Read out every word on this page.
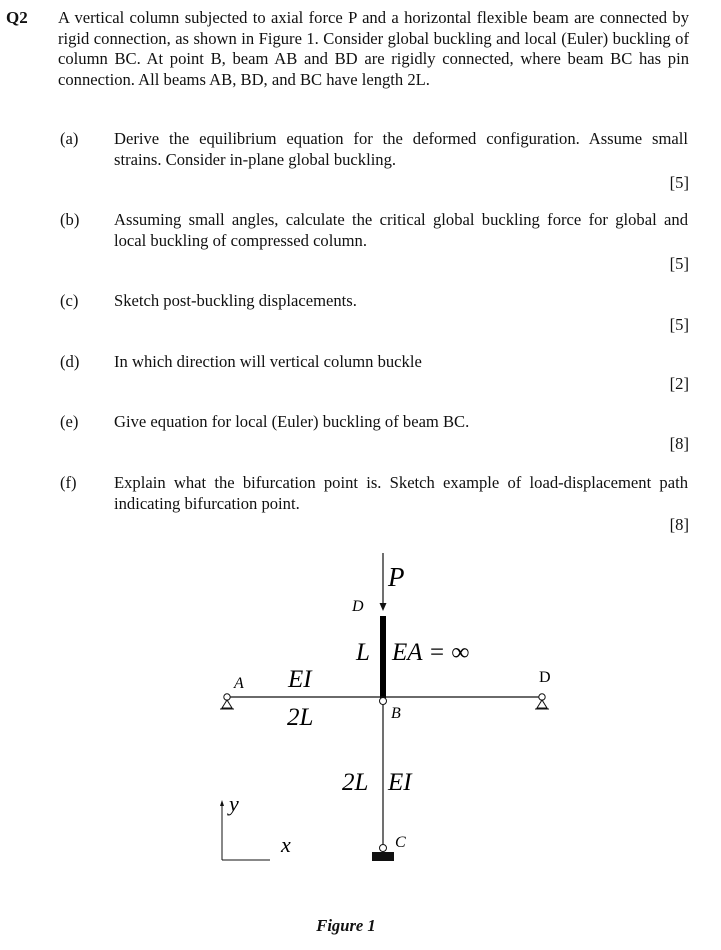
Q2 A vertical column subjected to axial force P and a horizontal flexible beam are connected by rigid connection, as shown in Figure 1. Consider global buckling and local (Euler) buckling of column BC. At point B, beam AB and BD are rigidly connected, where beam BC has pin connection. All beams AB, BD, and BC have length 2L.
(a) Derive the equilibrium equation for the deformed configuration. Assume small strains. Consider in-plane global buckling.
[5]
(b) Assuming small angles, calculate the critical global buckling force for global and local buckling of compressed column.
[5]
(c) Sketch post-buckling displacements.
[5]
(d) In which direction will vertical column buckle
[2]
(e) Give equation for local (Euler) buckling of beam BC.
[8]
(f) Explain what the bifurcation point is. Sketch example of load-displacement path indicating bifurcation point.
[8]
P
D
L EA = ∞
A	D
EI
2L	B
2L EI
C
y
x
Figure 1
